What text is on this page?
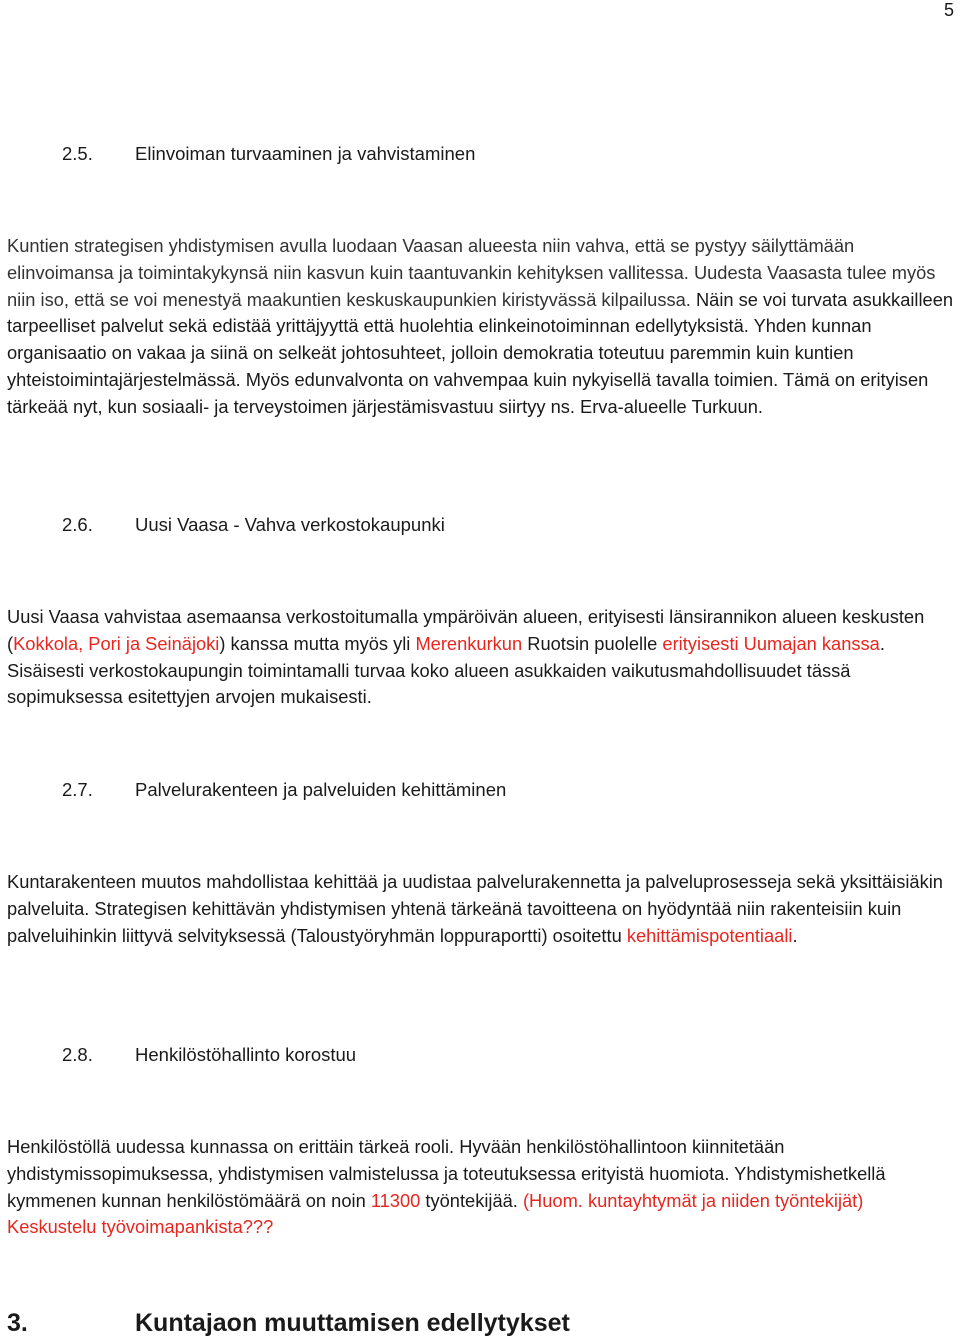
5
2.5. Elinvoiman turvaaminen ja vahvistaminen
Kuntien strategisen yhdistymisen avulla luodaan Vaasan alueesta niin vahva, että se pystyy säilyttämään elinvoimansa ja toimintakykynsä niin kasvun kuin taantuvankin kehityksen vallitessa. Uudesta Vaasasta tulee myös niin iso, että se voi menestyä maakuntien keskuskaupunkien kiristyvässä kilpailussa. Näin se voi turvata asukkailleen tarpeelliset palvelut sekä edistää yrittäjyyttä että huolehtia elinkeinotoiminnan edellytyksistä. Yhden kunnan organisaatio on vakaa ja siinä on selkeät johtosuhteet, jolloin demokratia toteutuu paremmin kuin kuntien yhteistoimintajärjestelmässä. Myös edunvalvonta on vahvempaa kuin nykyisellä tavalla toimien. Tämä on erityisen tärkeää nyt, kun sosiaali- ja terveystoimen järjestämisvastuu siirtyy ns. Erva-alueelle Turkuun.
2.6. Uusi Vaasa - Vahva verkostokaupunki
Uusi Vaasa vahvistaa asemaansa verkostoitumalla ympäröivän alueen, erityisesti länsirannikon alueen keskusten (Kokkola, Pori ja Seinäjoki) kanssa mutta myös yli Merenkurkun Ruotsin puolelle erityisesti Uumajan kanssa. Sisäisesti verkostokaupungin toimintamalli turvaa koko alueen asukkaiden vaikutusmahdollisuudet tässä sopimuksessa esitettyjen arvojen mukaisesti.
2.7. Palvelurakenteen ja palveluiden kehittäminen
Kuntarakenteen muutos mahdollistaa kehittää ja uudistaa palvelurakennetta ja palveluprosesseja sekä yksittäisiäkin palveluita. Strategisen kehittävän yhdistymisen yhtenä tärkeänä tavoitteena on hyödyntää niin rakenteisiin kuin palveluihinkin liittyvä selvityksessä (Taloustyöryhmän loppuraportti) osoitettu kehittämispotentiaali.
2.8. Henkilöstöhallinto korostuu
Henkilöstöllä uudessa kunnassa on erittäin tärkeä rooli. Hyvään henkilöstöhallintoon kiinnitetään yhdistymissopimuksessa, yhdistymisen valmistelussa ja toteutuksessa erityistä huomiota. Yhdistymishetkellä kymmenen kunnan henkilöstömäärä on noin 11300 työntekijää. (Huom. kuntayhtymät ja niiden työntekijät) Keskustelu työvoimapankista???
3.	Kuntajaon muuttamisen edellytykset
